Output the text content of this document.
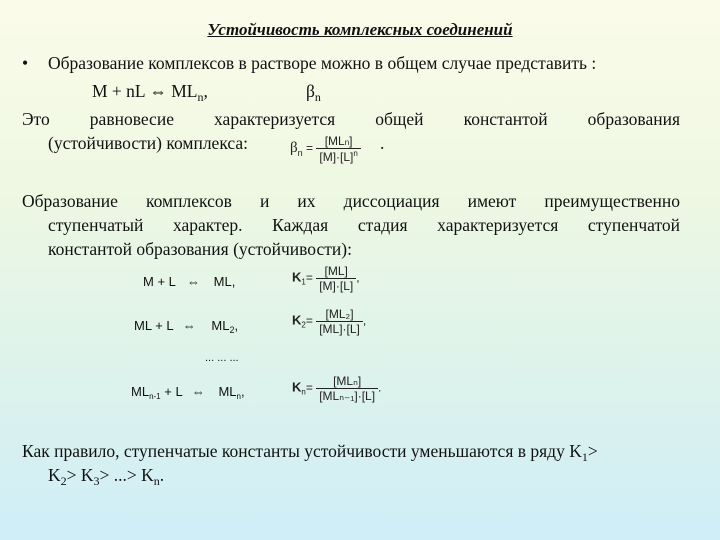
Устойчивость комплексных соединений
• Образование комплексов в растворе можно в общем случае представить :
M + nL ⇔ $ML_n$,	$\beta_n$
Это равновесие характеризуется общей константой образования
(устойчивости) комплекса:	$\beta_n = \frac{\text{[MLn]}}{[M]\cdot[L]^n}$ .
Образование комплексов и их диссоциация имеют преимущественно
ступенчатый характер. Каждая стадия характеризуется ступенчатой
константой образования (устойчивости):
M + L ⇔ ML,	$K_1= \frac{[ML]}{[M]\cdot[L]}$ ,
ML + L ⇔ $ML_2$,	$K_2= \frac{\text{[ML₂]}}{[ML]\cdot[L]}$ ,
... ... ...
$ML_{n-1} + L$ ⇔ $ML_n$,	$K_n= \frac{\text{[MLₙ]}}{\text{[MLₙ₋₁]·[L]}}$ .
Как правило, ступенчатые константы устойчивости уменьшаются в ряду $K_1>$
$K_2> K_3>$ ...> $K_n$.
